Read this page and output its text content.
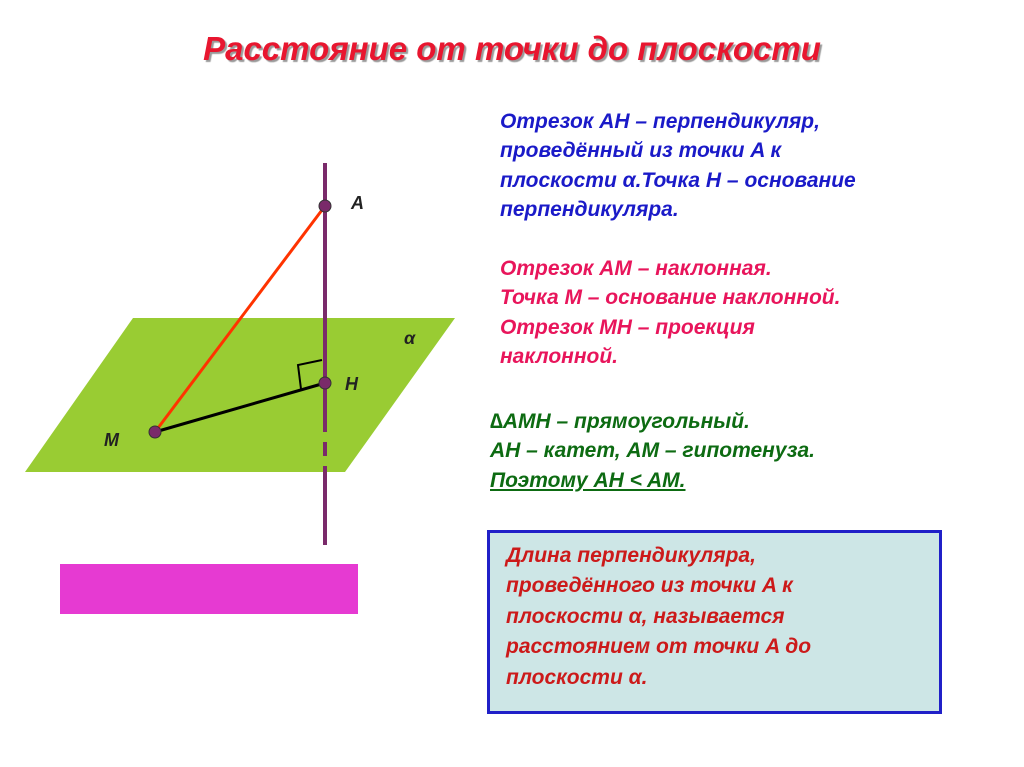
Расстояние от точки до плоскости
A
H
M
α
Отрезок AH – перпендикуляр,
проведённый из точки A к
плоскости α.Точка H – основание
перпендикуляра.
Отрезок AM – наклонная.
Точка M – основание наклонной.
Отрезок MH – проекция
наклонной.
∆AMH – прямоугольный.
AH – катет, AM – гипотенуза.
Поэтому AH < AM.
Длина перпендикуляра,
проведённого из точки A к
плоскости α, называется
расстоянием от точки A до
плоскости α.
